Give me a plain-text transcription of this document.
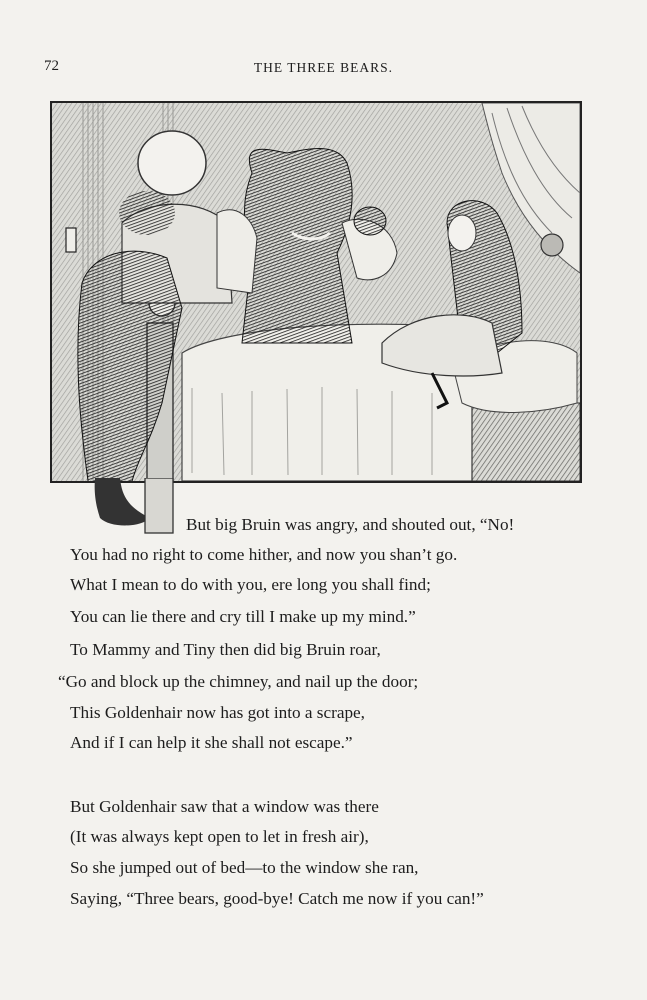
72	THE THREE BEARS.
But big Bruin was angry, and shouted out, “No!
You had no right to come hither, and now you shan’t go.
What I mean to do with you, ere long you shall find;
You can lie there and cry till I make up my mind.”
To Mammy and Tiny then did big Bruin roar,
“Go and block up the chimney, and nail up the door;
This Goldenhair now has got into a scrape,
And if I can help it she shall not escape.”
But Goldenhair saw that a window was there
(It was always kept open to let in fresh air),
So she jumped out of bed—to the window she ran,
Saying, “Three bears, good-bye! Catch me now if you can!”
